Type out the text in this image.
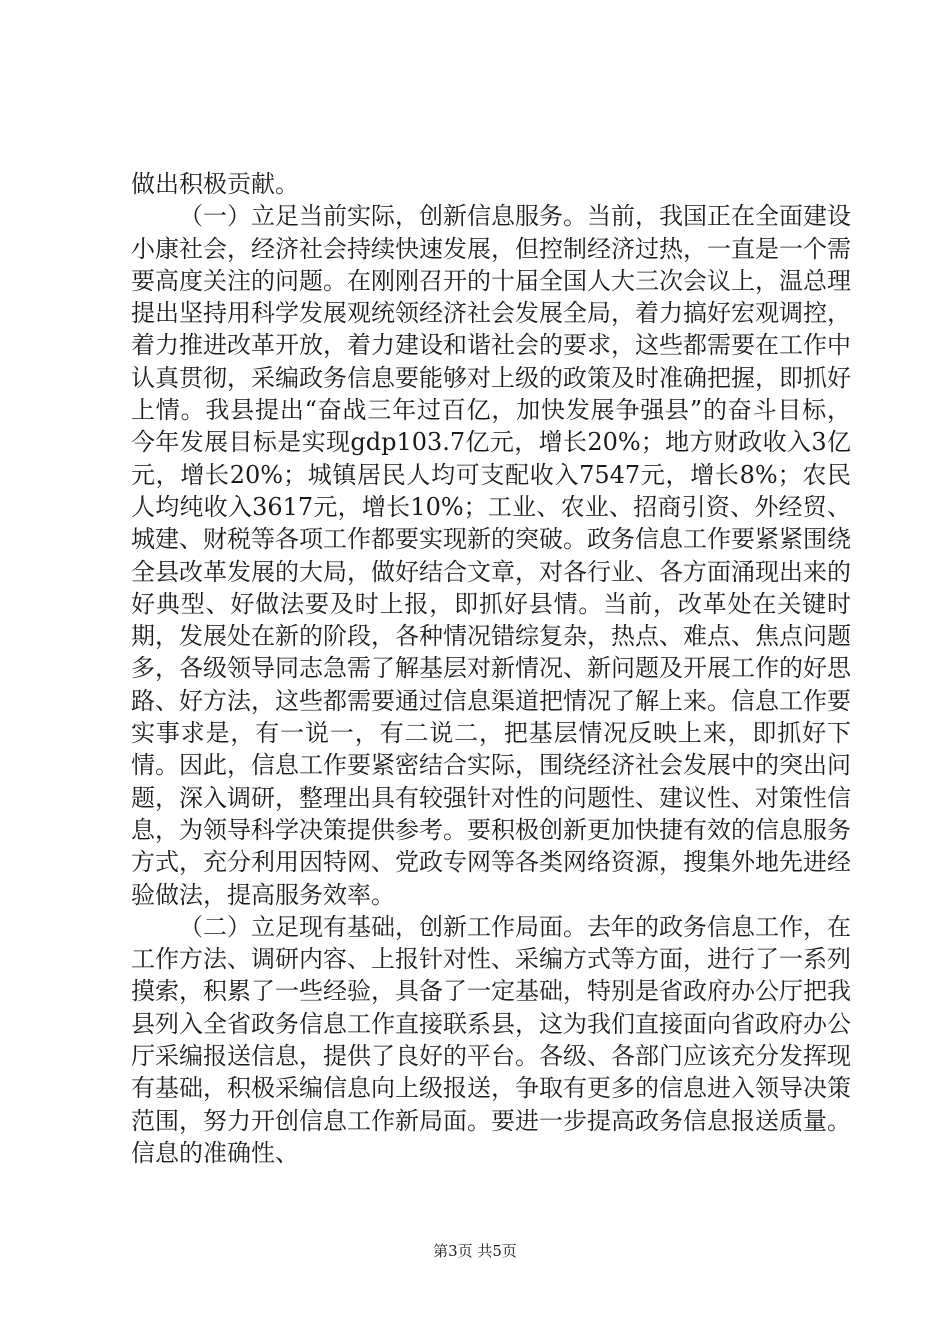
做出积极贡献。

（一）立足当前实际，创新信息服务。当前，我国正在全面建设小康社会，经济社会持续快速发展，但控制经济过热，一直是一个需要高度关注的问题。在刚刚召开的十届全国人大三次会议上，温总理提出坚持用科学发展观统领经济社会发展全局，着力搞好宏观调控，着力推进改革开放，着力建设和谐社会的要求，这些都需要在工作中认真贯彻，采编政务信息要能够对上级的政策及时准确把握，即抓好上情。我县提出“奋战三年过百亿，加快发展争强县”的奋斗目标，今年发展目标是实现gdp103.7亿元，增长20%；地方财政收入3亿元，增长20%；城镇居民人均可支配收入7547元，增长8%；农民人均纯收入3617元，增长10%；工业、农业、招商引资、外经贸、城建、财税等各项工作都要实现新的突破。政务信息工作要紧紧围绕全县改革发展的大局，做好结合文章，对各行业、各方面涌现出来的好典型、好做法要及时上报，即抓好县情。当前，改革处在关键时期，发展处在新的阶段，各种情况错综复杂，热点、难点、焦点问题多，各级领导同志急需了解基层对新情况、新问题及开展工作的好思路、好方法，这些都需要通过信息渠道把情况了解上来。信息工作要实事求是，有一说一，有二说二，把基层情况反映上来，即抓好下情。因此，信息工作要紧密结合实际，围绕经济社会发展中的突出问题，深入调研，整理出具有较强针对性的问题性、建议性、对策性信息，为领导科学决策提供参考。要积极创新更加快捷有效的信息服务方式，充分利用因特网、党政专网等各类网络资源，搜集外地先进经验做法，提高服务效率。

（二）立足现有基础，创新工作局面。去年的政务信息工作，在工作方法、调研内容、上报针对性、采编方式等方面，进行了一系列摸索，积累了一些经验，具备了一定基础，特别是省政府办公厅把我县列入全省政务信息工作直接联系县，这为我们直接面向省政府办公厅采编报送信息，提供了良好的平台。各级、各部门应该充分发挥现有基础，积极采编信息向上级报送，争取有更多的信息进入领导决策范围，努力开创信息工作新局面。要进一步提高政务信息报送质量。信息的准确性、

第3页 共5页
